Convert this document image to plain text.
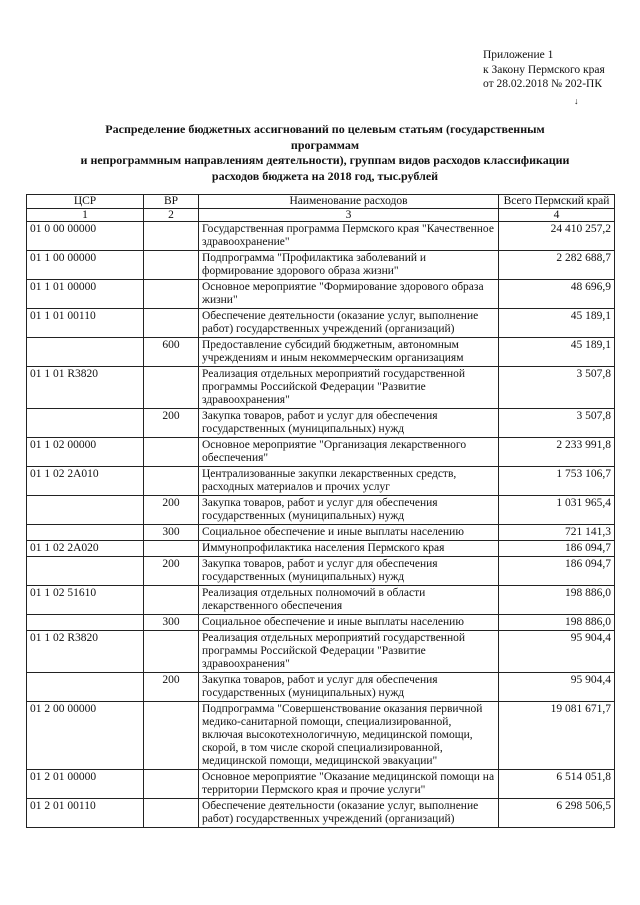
Приложение 1
к Закону Пермского края
от 28.02.2018 № 202-ПК
↓
Распределение бюджетных ассигнований по целевым статьям (государственным программам
и непрограммным направлениям деятельности), группам видов расходов классификации
расходов бюджета на 2018 год, тыс.рублей
ЦСР	ВР	Наименование расходов	Всего Пермский край
1	2	3	4
01 0 00 00000		Государственная программа Пермского края "Качественное здравоохранение"	24 410 257,2
01 1 00 00000		Подпрограмма "Профилактика заболеваний и формирование здорового образа жизни"	2 282 688,7
01 1 01 00000		Основное мероприятие "Формирование здорового образа жизни"	48 696,9
01 1 01 00110		Обеспечение деятельности (оказание услуг, выполнение работ) государственных учреждений (организаций)	45 189,1
	600	Предоставление субсидий бюджетным, автономным учреждениям и иным некоммерческим организациям	45 189,1
01 1 01 R3820		Реализация отдельных мероприятий государственной программы Российской Федерации "Развитие здравоохранения"	3 507,8
	200	Закупка товаров, работ и услуг для обеспечения государственных (муниципальных) нужд	3 507,8
01 1 02 00000		Основное мероприятие "Организация лекарственного обеспечения"	2 233 991,8
01 1 02 2А010		Централизованные закупки лекарственных средств, расходных материалов и прочих услуг	1 753 106,7
	200	Закупка товаров, работ и услуг для обеспечения государственных (муниципальных) нужд	1 031 965,4
	300	Социальное обеспечение и иные выплаты населению	721 141,3
01 1 02 2А020		Иммунопрофилактика населения Пермского края	186 094,7
	200	Закупка товаров, работ и услуг для обеспечения государственных (муниципальных) нужд	186 094,7
01 1 02 51610		Реализация отдельных полномочий в области лекарственного обеспечения	198 886,0
	300	Социальное обеспечение и иные выплаты населению	198 886,0
01 1 02 R3820		Реализация отдельных мероприятий государственной программы Российской Федерации "Развитие здравоохранения"	95 904,4
	200	Закупка товаров, работ и услуг для обеспечения государственных (муниципальных) нужд	95 904,4
01 2 00 00000		Подпрограмма "Совершенствование оказания первичной медико-санитарной помощи, специализированной, включая высокотехнологичную, медицинской помощи, скорой, в том числе скорой специализированной, медицинской помощи, медицинской эвакуации"	19 081 671,7
01 2 01 00000		Основное мероприятие "Оказание медицинской помощи на территории Пермского края и прочие услуги"	6 514 051,8
01 2 01 00110		Обеспечение деятельности (оказание услуг, выполнение работ) государственных учреждений (организаций)	6 298 506,5
